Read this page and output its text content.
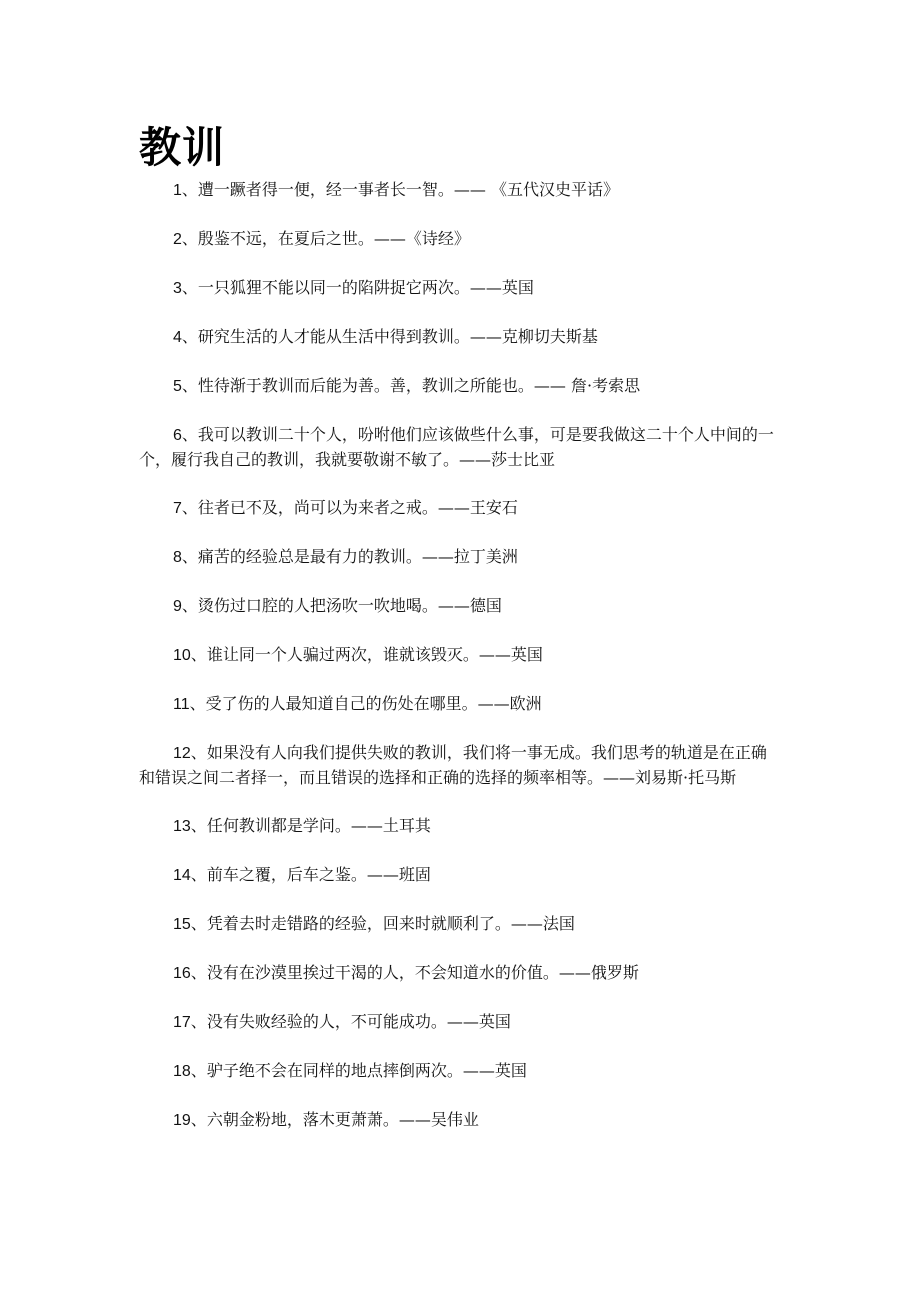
教训

1、遭一蹶者得一便，经一事者长一智。—— 《五代汉史平话》

2、殷鉴不远，在夏后之世。——《诗经》

3、一只狐狸不能以同一的陷阱捉它两次。——英国

4、研究生活的人才能从生活中得到教训。——克柳切夫斯基

5、性待渐于教训而后能为善。善，教训之所能也。—— 詹·考索思

6、我可以教训二十个人，吩咐他们应该做些什么事，可是要我做这二十个人中间的一个，履行我自己的教训，我就要敬谢不敏了。——莎士比亚

7、往者已不及，尚可以为来者之戒。——王安石

8、痛苦的经验总是最有力的教训。——拉丁美洲

9、烫伤过口腔的人把汤吹一吹地喝。——德国

10、谁让同一个人骗过两次，谁就该毁灭。——英国

11、受了伤的人最知道自己的伤处在哪里。——欧洲

12、如果没有人向我们提供失败的教训，我们将一事无成。我们思考的轨道是在正确和错误之间二者择一，而且错误的选择和正确的选择的频率相等。——刘易斯·托马斯

13、任何教训都是学问。——土耳其

14、前车之覆，后车之鉴。——班固

15、凭着去时走错路的经验，回来时就顺利了。——法国

16、没有在沙漠里挨过干渴的人，不会知道水的价值。——俄罗斯

17、没有失败经验的人，不可能成功。——英国

18、驴子绝不会在同样的地点摔倒两次。——英国

19、六朝金粉地，落木更萧萧。——吴伟业
